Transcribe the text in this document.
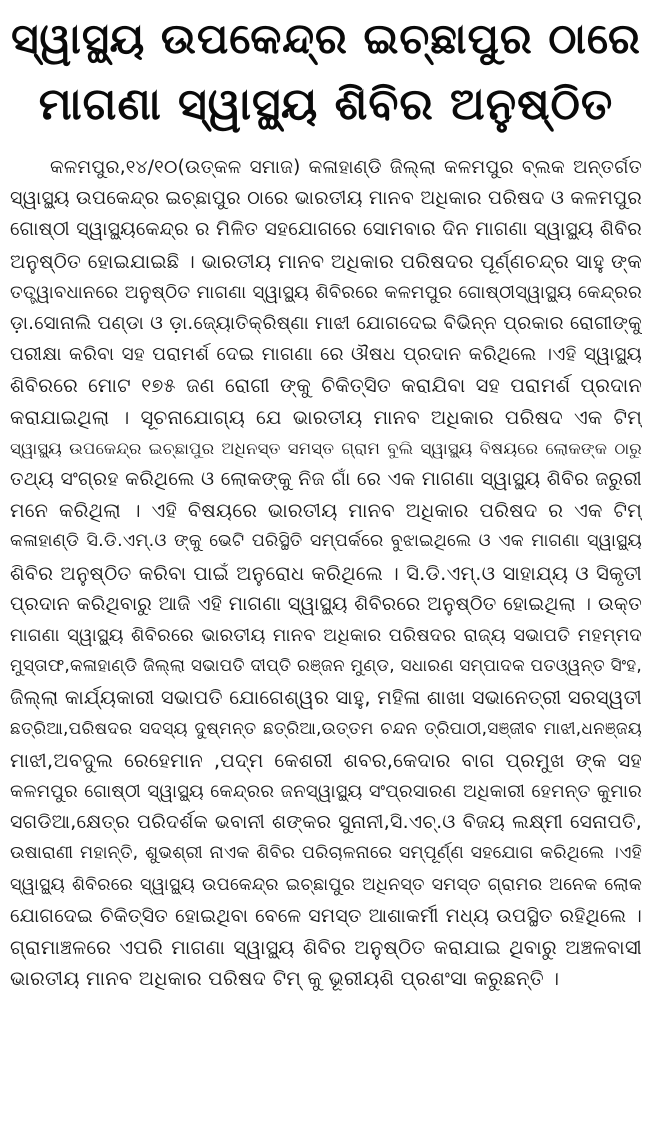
ସ୍ୱାସ୍ଥ୍ୟ ଉପକେନ୍ଦ୍ର ଇଚ୍ଛାପୁର ଠାରେ
ମାଗଣା ସ୍ୱାସ୍ଥ୍ୟ ଶିବିର ଅନୁଷ୍ଠିତ
କଳମପୁର,୧୪/୧୦(ଉତ୍କଳ ସମାଜ) କଳାହାଣ୍ଡି ଜିଲ୍ଲା କଳମପୁର ବ୍ଲକ ଅନ୍ତର୍ଗତ
ସ୍ୱାସ୍ଥ୍ୟ ଉପକେନ୍ଦ୍ର ଇଚ୍ଛାପୁର ଠାରେ ଭାରତୀୟ ମାନବ ଅଧିକାର ପରିଷଦ ଓ କଳମପୁର
ଗୋଷ୍ଠୀ ସ୍ୱାସ୍ଥ୍ୟକେନ୍ଦ୍ର ର ମିଳିତ ସହଯୋଗରେ ସୋମବାର ଦିନ ମାଗଣା ସ୍ୱାସ୍ଥ୍ୟ ଶିବିର
ଅନୁଷ୍ଠିତ ହୋଇଯାଇଛି । ଭାରତୀୟ ମାନବ ଅଧିକାର ପରିଷଦର ପୂର୍ଣ୍ଣଚନ୍ଦ୍ର ସାହୁ ଙ୍କ
ତତ୍ତ୍ୱାବଧାନରେ ଅନୁଷ୍ଠିତ ମାଗଣା ସ୍ୱାସ୍ଥ୍ୟ ଶିବିରରେ କଳମପୁର ଗୋଷ୍ଠୀସ୍ୱାସ୍ଥ୍ୟ କେନ୍ଦ୍ରର
ଡ଼ା.ସୋନାଲି ପଣ୍ଡା ଓ ଡ଼ା.ଜ୍ୟୋତିକ୍ରିଷ୍ଣା ମାଝୀ ଯୋଗଦେଇ ବିଭିନ୍ନ ପ୍ରକାର ରୋଗୀଙ୍କୁ
ପରୀକ୍ଷା କରିବା ସହ ପରାମର୍ଶ ଦେଇ ମାଗଣା ରେ ଔଷଧ ପ୍ରଦାନ କରିଥିଲେ ।ଏହି ସ୍ୱାସ୍ଥ୍ୟ
ଶିବିରରେ ମୋଟ ୧୭୫ ଜଣ ରୋଗୀ ଙ୍କୁ ଚିକିତ୍ସିତ କରାଯିବା ସହ ପରାମର୍ଶ ପ୍ରଦାନ
କରାଯାଇଥିଲା । ସୂଚନାଯୋଗ୍ୟ ଯେ ଭାରତୀୟ ମାନବ ଅଧିକାର ପରିଷଦ ଏକ ଟିମ୍
ସ୍ୱାସ୍ଥ୍ୟ ଉପକେନ୍ଦ୍ର ଇଚ୍ଛାପୁର ଅଧିନସ୍ତ ସମସ୍ତ ଗ୍ରାମ ବୁଲି ସ୍ୱାସ୍ଥ୍ୟ ବିଷୟରେ ଲୋକଙ୍କ ଠାରୁ
ତଥ୍ୟ ସଂଗ୍ରହ କରିଥିଲେ ଓ ଲୋକଙ୍କୁ ନିଜ ଗାଁ ରେ ଏକ ମାଗଣା ସ୍ୱାସ୍ଥ୍ୟ ଶିବିର ଜରୁରୀ
ମନେ କରିଥିଲା । ଏହି ବିଷୟରେ ଭାରତୀୟ ମାନବ ଅଧିକାର ପରିଷଦ ର ଏକ ଟିମ୍
କଳାହାଣ୍ଡି ସି.ଡି.ଏମ୍.ଓ ଙ୍କୁ ଭେଟି ପରିସ୍ଥିତି ସମ୍ପର୍କରେ ବୁଝାଇଥିଲେ ଓ ଏକ ମାଗଣା ସ୍ୱାସ୍ଥ୍ୟ
ଶିବିର ଅନୁଷ୍ଠିତ କରିବା ପାଇଁ ଅନୁରୋଧ କରିଥିଲେ । ସି.ଡି.ଏମ୍.ଓ ସାହାଯ୍ୟ ଓ ସିକୃତୀ
ପ୍ରଦାନ କରିଥିବାରୁ ଆଜି ଏହି ମାଗଣା ସ୍ୱାସ୍ଥ୍ୟ ଶିବିରରେ ଅନୁଷ୍ଠିତ ହୋଇଥିଲା । ଉକ୍ତ
ମାଗଣା ସ୍ୱାସ୍ଥ୍ୟ ଶିବିରରେ ଭାରତୀୟ ମାନବ ଅଧିକାର ପରିଷଦର ରାଜ୍ୟ ସଭାପତି ମହମ୍ମଦ
ମୁସ୍ତାଫ,କଳାହାଣ୍ଡି ଜିଲ୍ଲା ସଭାପତି ଦୀପ୍ତି ରଞ୍ଜନ ମୁଣ୍ଡ, ସଧାରଣ ସମ୍ପାଦକ ପତଓ୍ୱନ୍ତ ସିଂହ,
ଜିଲ୍ଲା କାର୍ଯ୍ୟକାରୀ ସଭାପତି ଯୋଗେଶ୍ୱର ସାହୁ, ମହିଳା ଶାଖା ସଭାନେତ୍ରୀ ସରସ୍ୱତୀ
ଛତ୍ରିଆ,ପରିଷଦର ସଦସ୍ୟ ଦୁଷ୍ମନ୍ତ ଛତ୍ରିଆ,ଉତ୍ତମ ଚନ୍ଦନ ତ୍ରିପାଠୀ,ସଞ୍ଜୀବ ମାଝୀ,ଧନଞ୍ଜୟ
ମାଝୀ,ଅବଦୁଲ ରେହେମାନ ,ପଦ୍ମ କେଶରୀ ଶବର,କେଦାର ବାଗ ପ୍ରମୁଖ ଙ୍କ ସହ
କଳମପୁର ଗୋଷ୍ଠୀ ସ୍ୱାସ୍ଥ୍ୟ କେନ୍ଦ୍ରର ଜନସ୍ୱାସ୍ଥ୍ୟ ସଂପ୍ରସାରଣ ଅଧିକାରୀ ହେମନ୍ତ କୁମାର
ସଗଡିଆ,କ୍ଷେତ୍ର ପରିଦର୍ଶକ ଭବାନୀ ଶଙ୍କର ସୁନାନୀ,ସି.ଏଚ୍.ଓ ବିଜୟ ଲକ୍ଷ୍ମୀ ସେନାପତି,
ଉଷାରାଣୀ ମହାନ୍ତି, ଶୁଭଶ୍ରୀ ନାଏକ ଶିବିର ପରିଚାଳନାରେ ସମ୍ପୂର୍ଣ୍ଣ ସହଯୋଗ କରିଥିଲେ ।ଏହି
ସ୍ୱାସ୍ଥ୍ୟ ଶିବିରରେ ସ୍ୱାସ୍ଥ୍ୟ ଉପକେନ୍ଦ୍ର ଇଚ୍ଛାପୁର ଅଧିନସ୍ତ ସମସ୍ତ ଗ୍ରାମର ଅନେକ ଲୋକ
ଯୋଗଦେଇ ଚିକିତ୍ସିତ ହୋଇଥିବା ବେଳେ ସମସ୍ତ ଆଶାକର୍ମୀ ମଧ୍ୟ ଉପସ୍ଥିତ ରହିଥିଲେ ।
ଗ୍ରାମାଞ୍ଚଳରେ ଏପରି ମାଗଣା ସ୍ୱାସ୍ଥ୍ୟ ଶିବିର ଅନୁଷ୍ଠିତ କରାଯାଇ ଥିବାରୁ ଅଞ୍ଚଳବାସୀ
ଭାରତୀୟ ମାନବ ଅଧିକାର ପରିଷଦ ଟିମ୍ କୁ ଭୂରୀୟଶି ପ୍ରଶଂସା କରୁଛନ୍ତି ।
